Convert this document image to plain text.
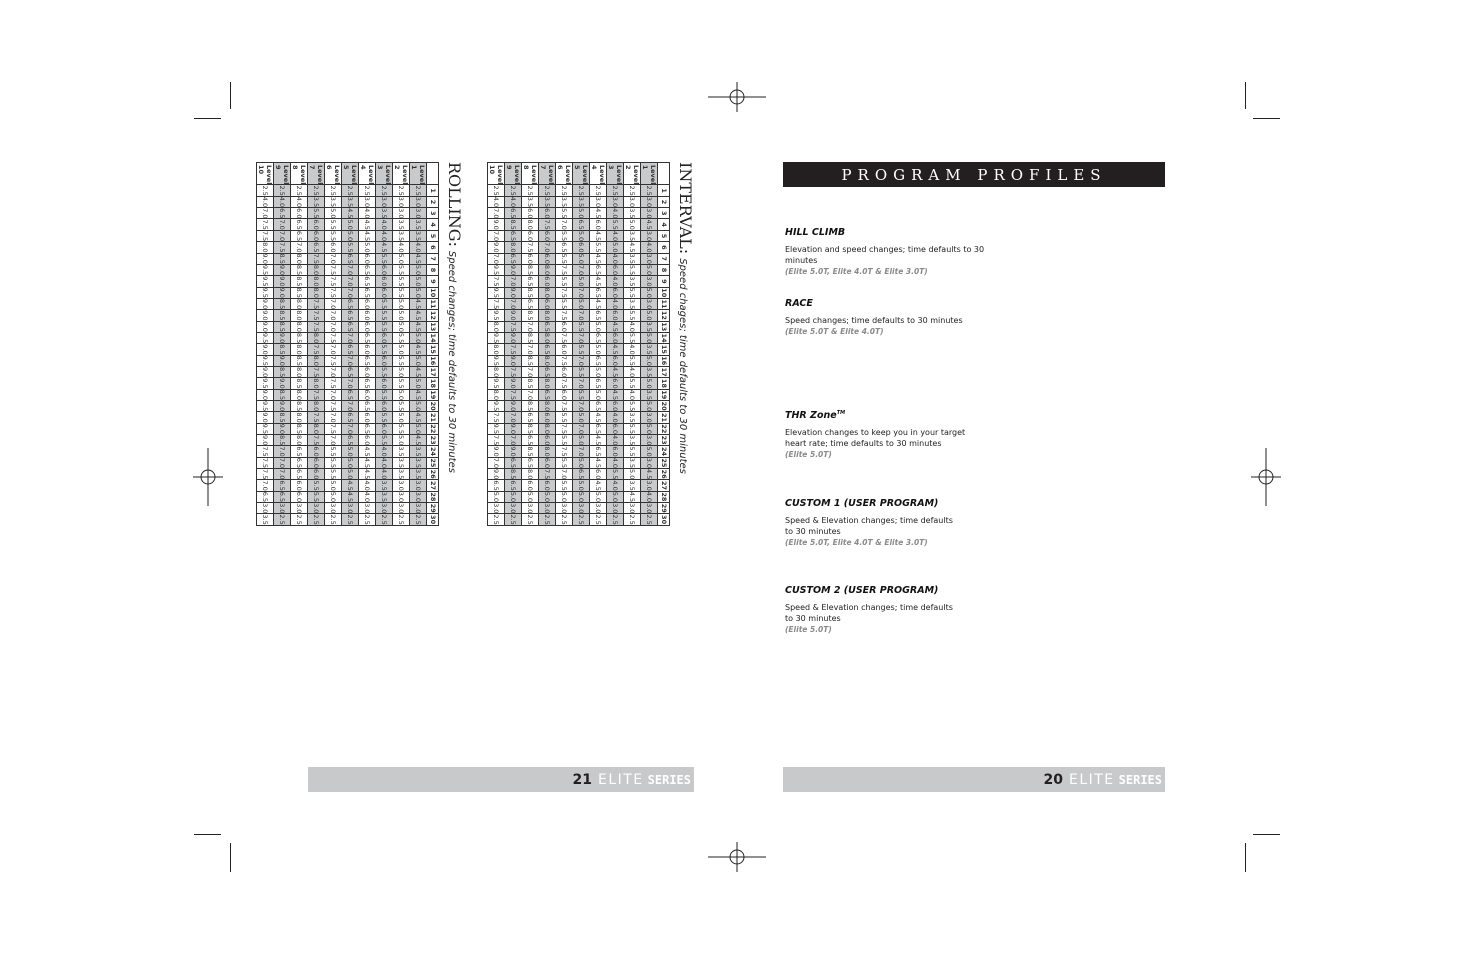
PROGRAM PROFILES
HILL CLIMB

Elevation and speed changes; time defaults to 30

minutes

(Elite 5.0T, Elite 4.0T & Elite 3.0T)

RACE

Speed changes; time defaults to 30 minutes

(Elite 5.0T & Elite 4.0T)

THR Zone™

Elevation changes to keep you in your target

heart rate; time defaults to 30 minutes

(Elite 5.0T)

CUSTOM 1 (USER PROGRAM)

Speed & Elevation changes; time defaults

to 30 minutes

(Elite 5.0T, Elite 4.0T & Elite 3.0T)

CUSTOM 2 (USER PROGRAM)

Speed & Elevation changes; time defaults

to 30 minutes

(Elite 5.0T)

20 ELITE SERIES
21 ELITE SERIES
INTERVAL:Speed chages; time defaults to 30 minutes
	1	2	3	4	5	6	7	8	9	10	11	12	13	14	15	16	17	18	19	20	21	22	23	24	25	26	27	28	29	30
Level 1	2.5	3.0	3.0	4.5	3.0	4.0	3.0	5.0	3.0	5.0	3.0	5.0	3.5	5.0	3.5	5.0	3.5	5.0	3.5	5.0	3.0	5.0	3.0	5.0	3.0	4.5	3.0	4.0	3.0	2.5
Level 2	2.5	3.0	3.5	5.0	3.5	4.5	3.5	5.5	3.5	5.5	3.5	5.5	4.0	5.5	4.0	5.5	4.0	5.5	4.0	5.5	3.5	5.5	3.5	5.5	3.5	5.0	3.5	4.5	3.0	2.5
Level 3	2.5	3.0	4.0	5.5	4.0	5.0	4.0	6.0	4.0	6.0	4.0	6.0	4.5	6.0	4.5	6.0	4.5	6.0	4.5	6.0	4.0	6.0	4.0	6.0	4.0	5.5	4.0	5.0	3.0	2.5
Level 4	2.5	3.0	4.5	6.0	4.5	5.5	4.5	6.5	4.5	6.5	4.5	6.5	5.0	6.5	5.0	6.5	5.0	6.5	5.0	6.5	4.5	6.5	4.5	6.5	4.5	6.0	4.5	5.0	3.0	2.5
Level 5	2.5	3.5	5.0	6.5	5.0	6.0	5.0	7.0	5.0	7.0	5.0	7.0	5.5	7.0	5.5	7.0	5.5	7.0	5.5	7.0	5.0	7.0	5.0	7.0	5.0	6.5	5.0	5.0	3.0	2.5
Level 6	2.5	3.5	5.5	7.0	5.5	6.5	5.5	7.5	5.5	7.5	5.5	7.5	6.0	7.5	6.0	7.5	6.0	7.5	6.0	7.5	5.5	7.5	5.5	7.5	5.5	7.0	5.5	5.0	3.0	2.5
Level 7	2.5	3.5	6.0	7.5	6.0	7.0	6.0	8.0	6.0	8.0	6.0	8.0	6.5	8.0	6.5	8.0	6.5	8.0	6.5	8.0	6.0	8.0	6.0	8.0	6.0	7.5	6.0	5.0	3.0	2.5
Level 8	2.5	3.5	6.0	8.0	6.0	7.5	6.0	8.5	6.5	8.5	6.5	8.5	7.0	8.5	7.0	8.5	7.0	8.5	7.0	8.5	6.5	8.5	6.5	8.5	6.5	8.0	6.0	5.0	3.0	2.5
Level 9	2.5	4.0	6.5	8.5	6.5	8.0	6.5	9.0	7.0	9.0	7.0	9.0	7.5	9.0	7.5	9.0	7.5	9.0	7.5	9.0	7.0	9.0	7.0	9.0	6.5	8.5	6.5	5.0	3.0	2.5
Level 10	2.5	4.0	7.0	9.0	7.0	9.0	7.0	9.5	7.5	9.5	7.5	9.5	8.0	9.5	8.0	9.5	8.0	9.5	8.0	9.5	7.5	9.5	7.5	9.0	7.0	9.0	6.5	5.0	3.0	2.5
ROLLING:Speed changes; time defaults to 30 minutes
	1	2	3	4	5	6	7	8	9	10	11	12	13	14	15	16	17	18	19	20	21	22	23	24	25	26	27	28	29	30
Level 1	2.5	3.0	3.0	3.5	3.5	4.0	4.5	5.0	5.0	5.0	4.5	4.5	4.5	5.0	4.5	5.0	4.5	5.0	4.5	5.0	4.5	5.0	4.5	3.5	3.5	3.5	3.0	3.0	3.0	2.5
Level 2	2.5	3.0	3.0	3.5	3.5	4.0	5.0	5.5	5.5	5.5	5.0	5.0	5.0	5.5	5.0	5.5	5.0	5.5	5.0	5.5	5.0	5.5	5.0	3.5	3.5	3.5	3.0	3.0	3.0	2.5
Level 3	2.5	3.0	3.5	4.0	4.0	4.5	5.5	6.0	6.0	6.0	5.5	5.5	5.5	6.0	5.5	6.0	5.5	6.0	5.5	6.0	5.5	6.0	5.5	4.0	4.0	4.0	3.5	3.5	3.0	2.5
Level 4	2.5	3.0	4.0	4.5	4.5	5.0	6.0	6.5	6.5	6.5	6.0	6.0	6.0	6.5	6.0	6.5	6.0	6.5	6.0	6.5	6.0	6.5	6.0	4.5	4.5	4.5	4.0	4.0	3.0	2.5
Level 5	2.5	3.5	4.5	5.0	5.0	5.5	6.5	7.0	7.0	7.0	6.5	6.5	6.5	7.0	6.5	7.0	6.5	7.0	6.5	7.0	6.5	7.0	6.5	5.0	5.0	5.0	4.5	4.5	3.0	2.5
Level 6	2.5	3.5	5.0	5.5	5.5	6.0	7.0	7.5	7.5	7.5	7.0	7.0	7.0	7.5	7.0	7.5	7.0	7.5	7.0	7.5	7.0	7.5	7.0	5.5	5.5	5.5	5.0	5.0	3.0	2.5
Level 7	2.5	3.5	5.5	6.0	6.0	6.5	7.5	8.0	8.0	8.0	7.5	7.5	7.5	8.0	7.5	8.0	7.5	8.0	7.5	8.0	7.5	8.0	7.5	6.0	6.0	6.0	5.5	5.5	3.0	2.5
Level 8	2.5	4.0	6.0	6.5	6.5	7.0	8.0	8.5	8.5	8.5	8.0	8.0	8.0	8.5	8.0	8.5	8.0	8.5	8.0	8.5	8.0	8.5	8.0	6.5	6.5	6.5	6.0	6.0	3.0	2.5
Level 9	2.5	4.0	6.5	7.0	7.0	7.5	8.5	9.0	9.0	9.0	8.5	8.5	8.5	9.0	8.5	9.0	8.5	9.0	8.5	9.0	8.5	9.0	8.5	7.0	7.0	7.0	6.5	6.5	3.0	2.5
Level 10	2.5	4.0	7.0	7.5	7.5	8.0	9.0	9.5	9.5	9.5	9.0	9.0	9.0	9.5	9.0	9.5	9.0	9.5	9.0	9.5	9.0	9.5	9.0	7.5	7.5	7.5	7.0	6.5	3.0	3.5
